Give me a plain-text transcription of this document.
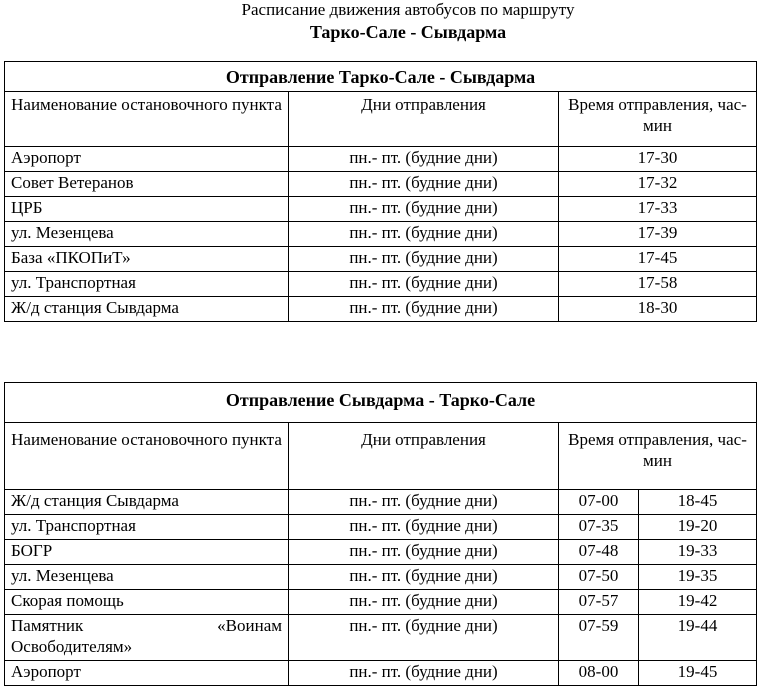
Расписание движения автобусов по маршруту
Тарко-Сале - Сывдарма
Отправление Тарко-Сале - Сывдарма		
Наименование остановочного пункта	Дни отправления	Время отправления, час-мин
Аэропорт	пн.- пт. (будние дни)	17-30
Совет Ветеранов	пн.- пт. (будние дни)	17-32
ЦРБ	пн.- пт. (будние дни)	17-33
ул. Мезенцева	пн.- пт. (будние дни)	17-39
База «ПКОПиТ»	пн.- пт. (будние дни)	17-45
ул. Транспортная	пн.- пт. (будние дни)	17-58
Ж/д станция Сывдарма	пн.- пт. (будние дни)	18-30
Отправление Сывдарма - Тарко-Сале			
Наименование остановочного пункта	Дни отправления	Время отправления, час-мин	
Ж/д станция Сывдарма	пн.- пт. (будние дни)	07-00	18-45
ул. Транспортная	пн.- пт. (будние дни)	07-35	19-20
БОГР	пн.- пт. (будние дни)	07-48	19-33
ул. Мезенцева	пн.- пт. (будние дни)	07-50	19-35
Скорая помощь	пн.- пт. (будние дни)	07-57	19-42

Памятник «Воинам
Освободителям»	пн.- пт. (будние дни)	07-59	19-44
Аэропорт	пн.- пт. (будние дни)	08-00	19-45
